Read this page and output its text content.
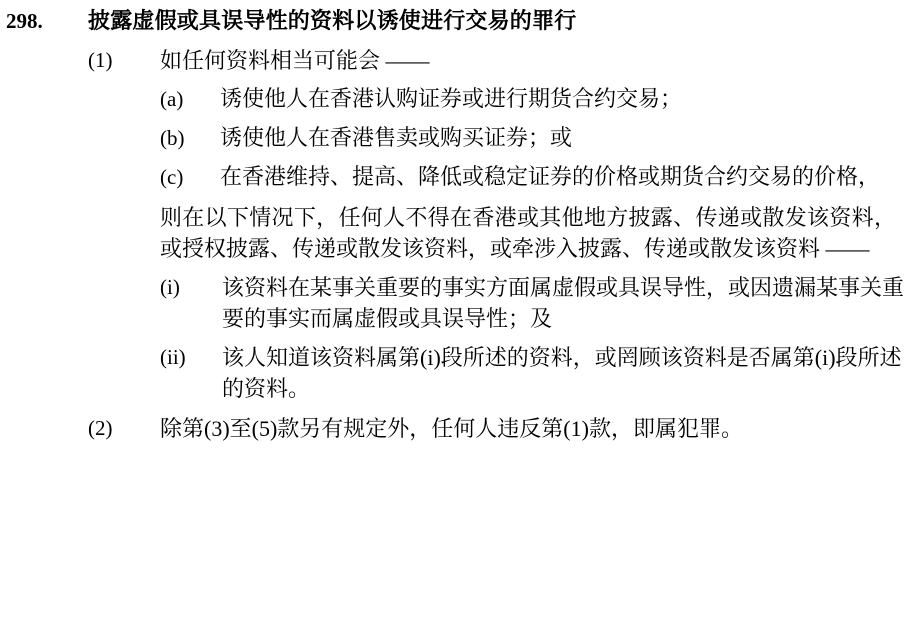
298.	披露虚假或具误导性的资料以诱使进行交易的罪行
(1)	如任何资料相当可能会 ——
(a)	诱使他人在香港认购证券或进行期货合约交易；
(b)	诱使他人在香港售卖或购买证券；或
(c)	在香港维持、提高、降低或稳定证券的价格或期货合约交易的价格，
则在以下情况下，任何人不得在香港或其他地方披露、传递或散发该资料，或授权披露、传递或散发该资料，或牵涉入披露、传递或散发该资料 ——
(i)	该资料在某事关重要的事实方面属虚假或具误导性，或因遗漏某事关重要的事实而属虚假或具误导性；及
(ii)	该人知道该资料属第(i)段所述的资料，或罔顾该资料是否属第(i)段所述的资料。
(2)	除第(3)至(5)款另有规定外，任何人违反第(1)款，即属犯罪。
